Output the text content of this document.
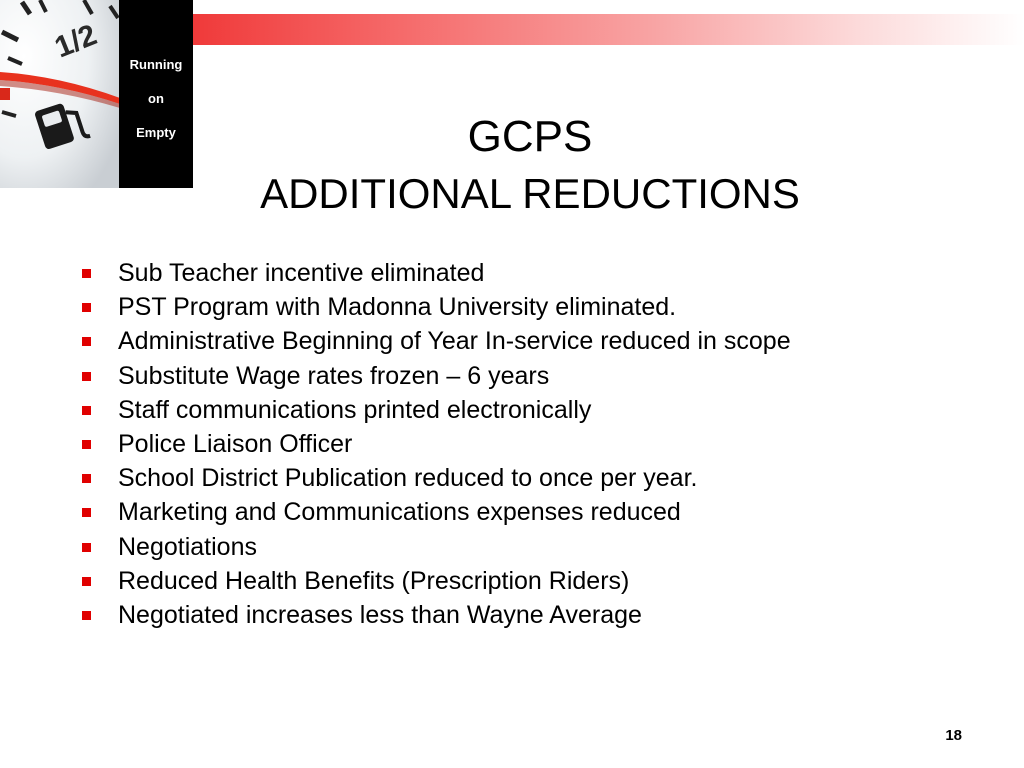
1/2
Running
on
Empty	GCPS
ADDITIONAL REDUCTIONS
Sub Teacher incentive eliminated
PST Program with Madonna University eliminated.
Administrative Beginning of Year In-service reduced in scope
Substitute Wage rates frozen – 6 years
Staff communications printed electronically
Police Liaison Officer
School District Publication reduced to once per year.
Marketing and Communications expenses reduced
Negotiations
Reduced Health Benefits (Prescription Riders)
Negotiated increases less than Wayne Average
18
